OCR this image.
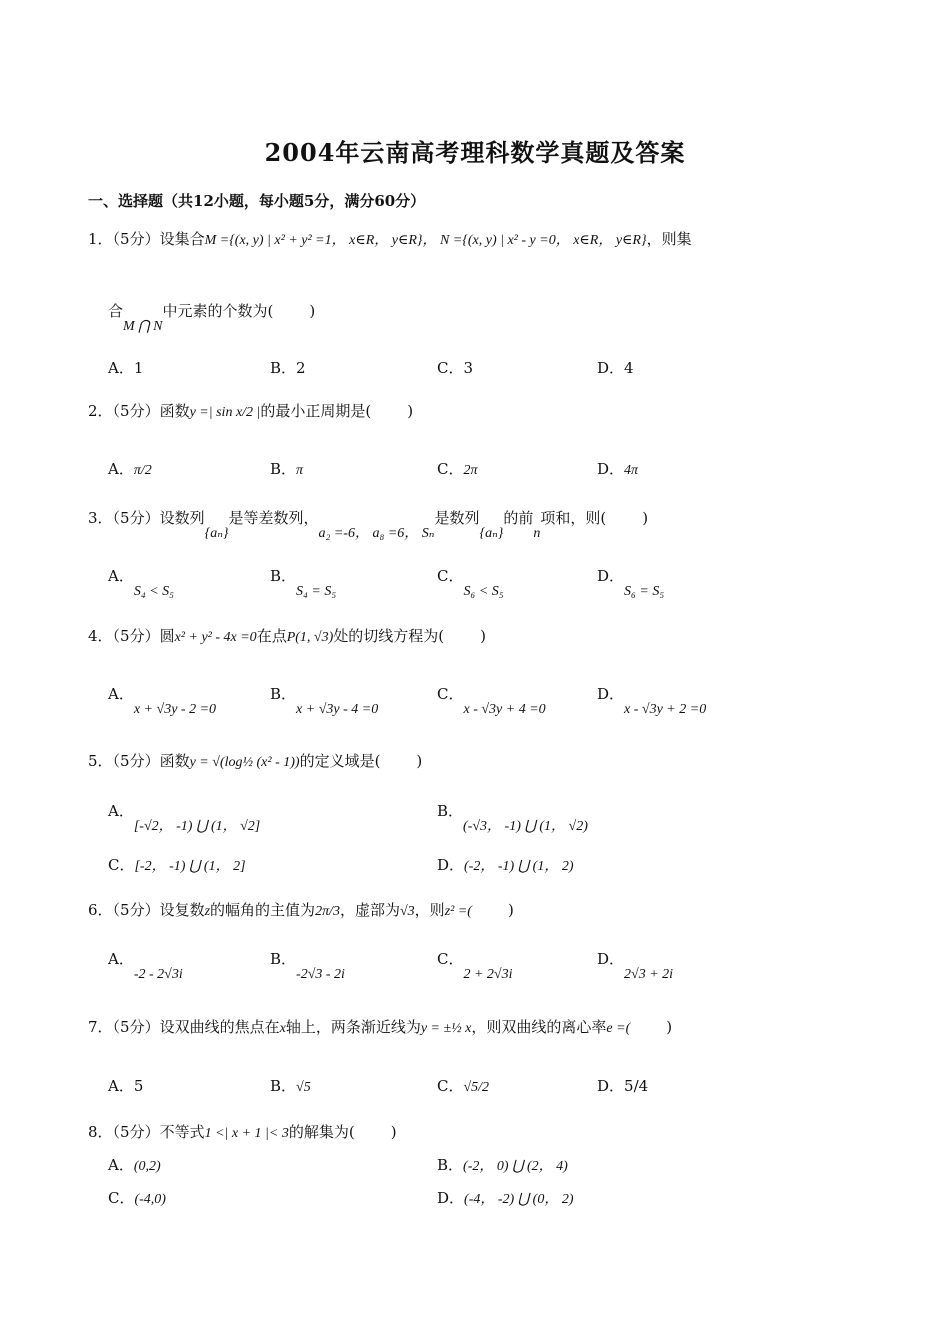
2004年云南高考理科数学真题及答案
一、选择题（共12小题，每小题5分，满分60分）
1．（5分）设集合M ={(x, y) | x² + y² =1， x∈R， y∈R}， N ={(x, y) | x² - y =0， x∈R， y∈R}，则集
合M ⋂ N中元素的个数为( )
A．1	B．2	C．3	D．4
2．（5分）函数y =| sin x/2 |的最小正周期是( )
A．π/2	B．π	C．2π	D．4π
3．（5分）设数列{aₙ}是等差数列，a₂ =-6， a₈ =6， Sₙ是数列{aₙ}的前n项和，则( )
A．S₄ < S₅
B．S₄ = S₅
C．S₆ < S₅
D．S₆ = S₅
4．（5分）圆x² + y² - 4x =0在点P(1, √3)处的切线方程为( )
A．x + √3y - 2 =0
B．x + √3y - 4 =0
C．x - √3y + 4 =0
D．x - √3y + 2 =0
5．（5分）函数y = √(log½ (x² - 1))的定义域是( )
A．[-√2， -1) ⋃ (1， √2]
B．(-√3， -1) ⋃ (1， √2)
C．[-2， -1) ⋃ (1， 2]	D．(-2， -1) ⋃ (1， 2)
6．（5分）设复数z的幅角的主值为2π/3，虚部为√3，则z² =( )
A．-2 - 2√3i
B．-2√3 - 2i
C．2 + 2√3i
D．2√3 + 2i
7．（5分）设双曲线的焦点在x轴上，两条渐近线为y = ±½ x，则双曲线的离心率e =( )
A．5	B．√5	C．√5/2	D．5/4
8．（5分）不等式1 <| x + 1 |< 3的解集为( )
A．(0,2)	B．(-2， 0) ⋃ (2， 4)
C．(-4,0)	D．(-4， -2) ⋃ (0， 2)
